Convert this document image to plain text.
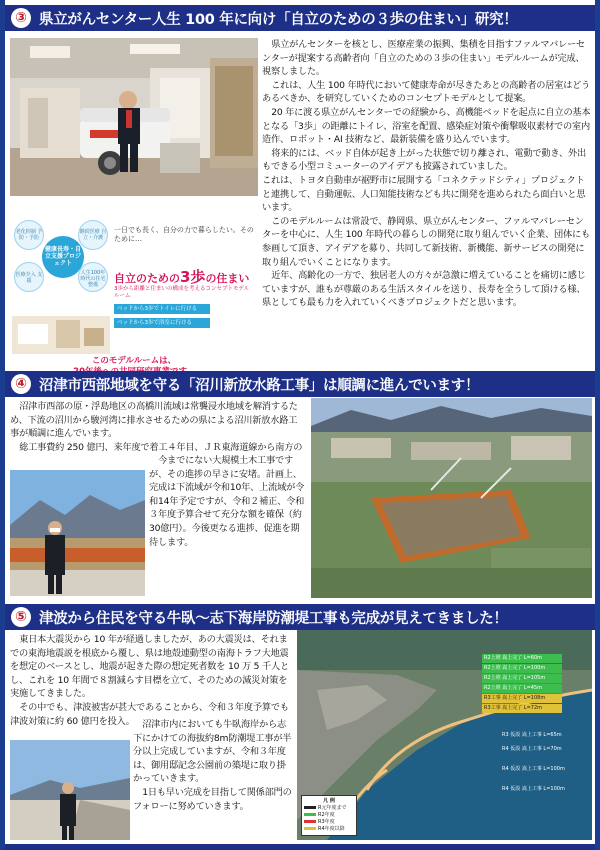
③ 県立がんセンター人生 100 年に向け「自立のための３歩の住まい」研究！
老化抑制 予防・予防
健康長寿・自立支援プロジェクト
継続医療 自立・介護
医療介入 支援
人生100年時代の住宅整備
一日でも長く、自分の力で暮らしたい。そのために…
自立のための3歩の住まい
3歩から距離と住まいの構成を考えるコンセプトモデルルーム
ベッドから3歩でトイレに行ける
ベッドから3歩で浴室に行ける
このモデルルームは、

県立がんセンターを核とし、医療産業の振興、集積を目指すファルマバレーセンターが提案する高齢者向「自立のための３歩の住まい」モデルルームが完成、視察しました。

これは、人生 100 年時代において健康寿命が尽きたあとの高齢者の居室はどうあるべきか、を研究していくためのコンセプトモデルとして提案。

20 年に渡る県立がんセンターでの経験から、高機能ベッドを起点に自立の基本となる「3歩」の距離にトイレ、浴室を配置、感染症対策や衝撃吸収素材での室内造作、ロボット・AI 技術など、最新装備を盛り込んでいます。

将来的には、ベッド自体が起き上がった状態で切り離され、電動で動き、外出もできる小型コミューターのアイデアも披露されていました。

これは、トヨタ自動車が裾野市に展開する「コネクテッドシティ」プロジェクトと連携して、自動運転、人口知能技術なども共に開発を進められたら面白いと思います。

このモデルルームは常設で、静岡県、県立がんセンター、ファルマバレーセンターを中心に、人生 100 年時代の暮らしの開発に取り組んでいく企業、団体にも参画して頂き、アイデアを募り、共同して新技術、新機能、新サービスの開発に取り組んでいくことになります。

近年、高齢化の一方で、独居老人の方々が急激に増えていることを痛切に感じていますが、誰もが尊厳のある生活スタイルを送り、長寿を全うして頂ける様、県としても最も力を入れていくべきプロジェクトだと思います。

④ 沼津市西部地域を守る「沼川新放水路工事」は順調に進んでいます！

沼津市西部の原・浮島地区の高橋川流域は常襲浸水地域を解消するため、下流の沼川から駿河湾に排水させるための県による沼川新放水路工事が順調に進んでいます。

総工事費約 250 億円、来年度で着工４年目、ＪＲ東海道線から南方の

今までにない大規模土木工事ですが、その進捗の早さに安堵。計画上、完成は下流域が令和10年、上流域が令和14年予定ですが、令和２補正、令和３年度予算合せて充分な額を確保（約30億円）。今後更なる進捗、促進を期待します。

⑤ 津波から住民を守る牛臥～志下海岸防潮堤工事も完成が見えてきました！

東日本大震災から 10 年が経過しましたが、あの大震災は、それまでの東海地震説を根底から覆し、県は地殻連動型の南海トラフ大地震を想定のベースとし、地震が起きた際の想定死者数を 10 万 5 千人とし、これを 10 年間で８割減らす目標を立て、そのための減災対策を実施してきました。

その中でも、津波被害が甚大であることから、令和３年度予算でも津波対策に約 60 億円を投入。 沼津市内においても牛臥海岸から志下にかけての海抜約8m防潮堤工事が半分以上完成していますが、令和３年度は、御用邸記念公園前の築堤に取り掛かっていきます。

1日も早い完成を目指して関係部門のフォローに努めていきます。

R2上堆 嵩上完了 L=60m
R2上堆 嵩上完了 L=100m
R2上堆 嵩上完了 L=105m
R2上堆 嵩上完了 L=45m
R3工事 嵩上完了 L=108m
R3工事 嵩上完了 L=72m
R3 仮設 嵩上工事 L=65m
R4 仮設 嵩上工事 L=70m
R4 仮設 嵩上工事 L=100m
R4 仮設 嵩上工事 L=100m
凡 例
R元年度まで
R2年度
R3年度
R4年度以降
